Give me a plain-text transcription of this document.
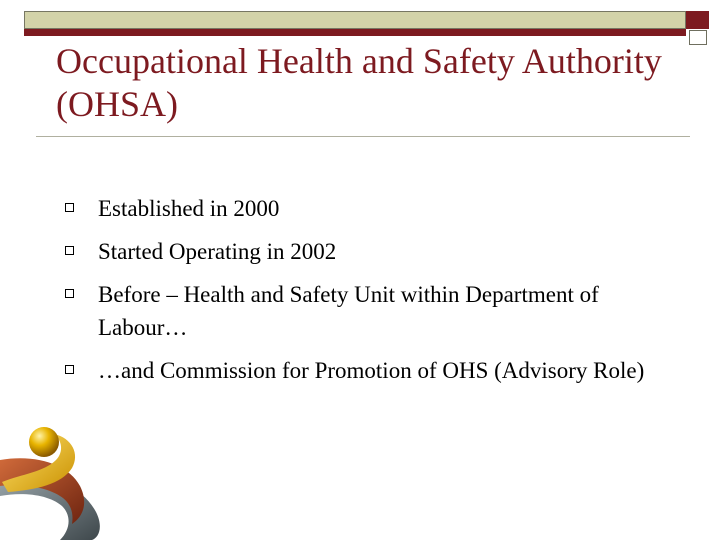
Occupational Health and Safety Authority (OHSA)
Established in 2000
Started Operating in 2002
Before – Health and Safety Unit within Department of Labour…
…and Commission for Promotion of OHS (Advisory Role)
